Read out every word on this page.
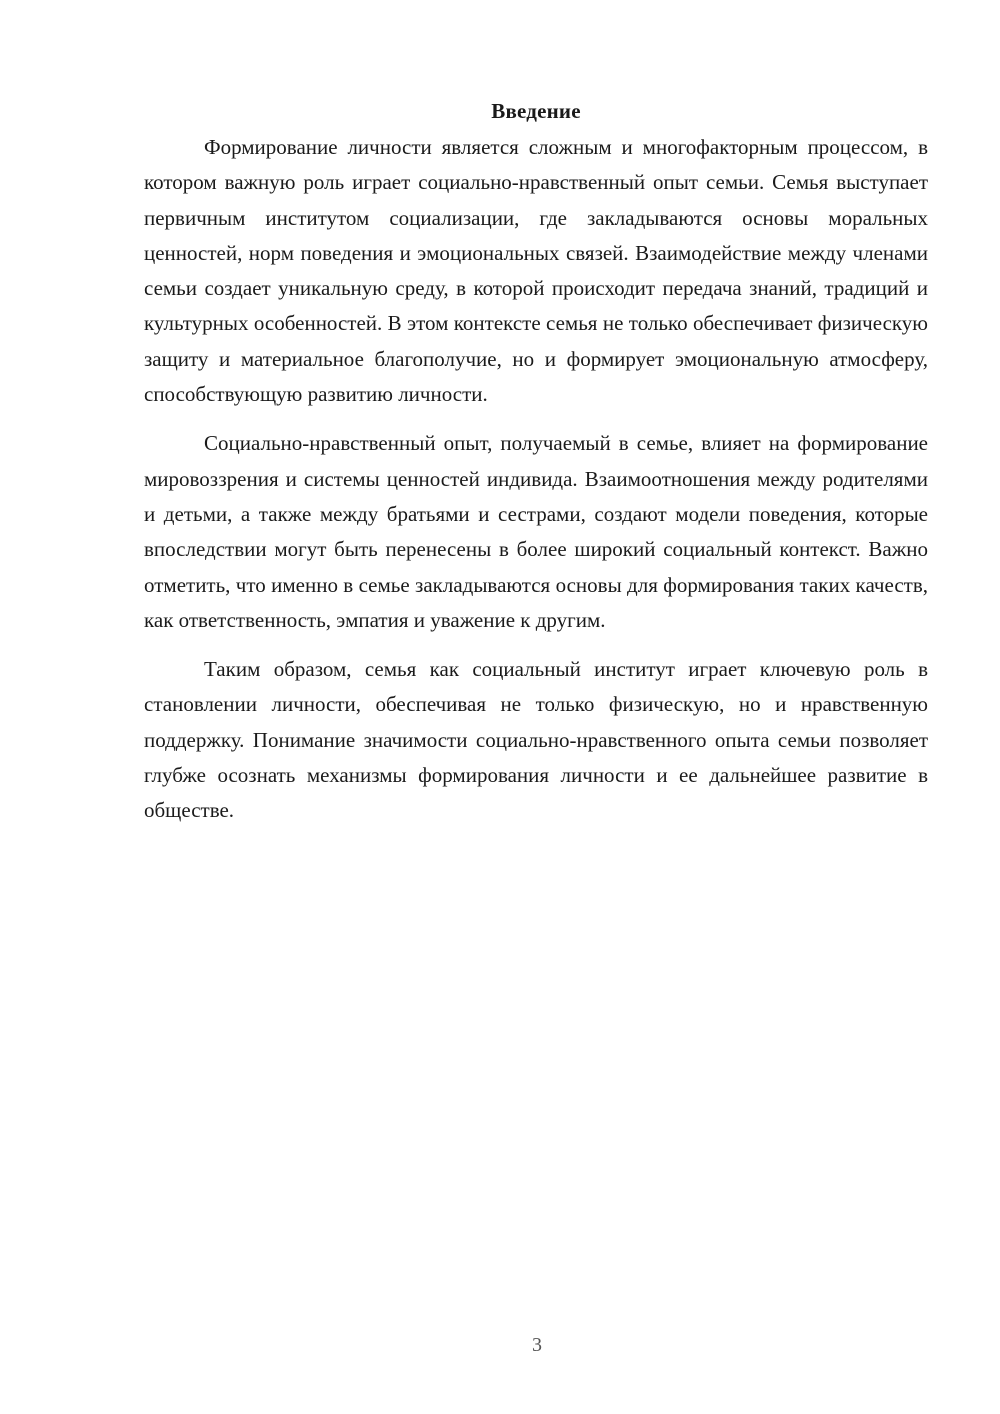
Введение

Формирование личности является сложным и многофакторным процессом, в котором важную роль играет социально-нравственный опыт семьи. Семья выступает первичным институтом социализации, где закладываются основы моральных ценностей, норм поведения и эмоциональных связей. Взаимодействие между членами семьи создает уникальную среду, в которой происходит передача знаний, традиций и культурных особенностей. В этом контексте семья не только обеспечивает физическую защиту и материальное благополучие, но и формирует эмоциональную атмосферу, способствующую развитию личности.

Социально-нравственный опыт, получаемый в семье, влияет на формирование мировоззрения и системы ценностей индивида. Взаимоотношения между родителями и детьми, а также между братьями и сестрами, создают модели поведения, которые впоследствии могут быть перенесены в более широкий социальный контекст. Важно отметить, что именно в семье закладываются основы для формирования таких качеств, как ответственность, эмпатия и уважение к другим.

Таким образом, семья как социальный институт играет ключевую роль в становлении личности, обеспечивая не только физическую, но и нравственную поддержку. Понимание значимости социально-нравственного опыта семьи позволяет глубже осознать механизмы формирования личности и ее дальнейшее развитие в обществе.

3
